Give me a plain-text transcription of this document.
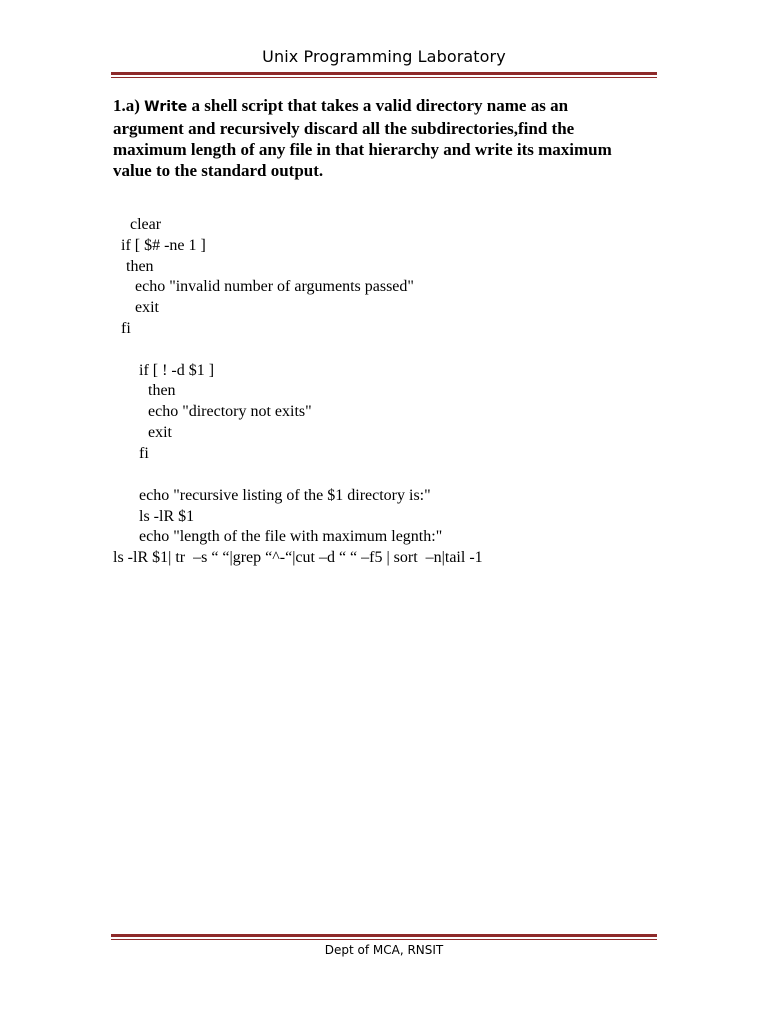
Unix Programming Laboratory
1.a) Write a shell script that takes a valid directory name as an argument and recursively discard all the subdirectories,find the maximum length of any file in that hierarchy and write its maximum value to the standard output.
clear
if [ $# -ne 1 ]
then
echo "invalid number of arguments passed"
exit
fi
if [ ! -d $1 ]
then
echo "directory not exits"
exit
fi
echo "recursive listing of the $1 directory is:"
ls -lR $1
echo "length of the file with maximum legnth:"
ls -lR $1| tr  –s “ “|grep “^-“|cut –d “ “ –f5 | sort  –n|tail -1
Dept of MCA, RNSIT
